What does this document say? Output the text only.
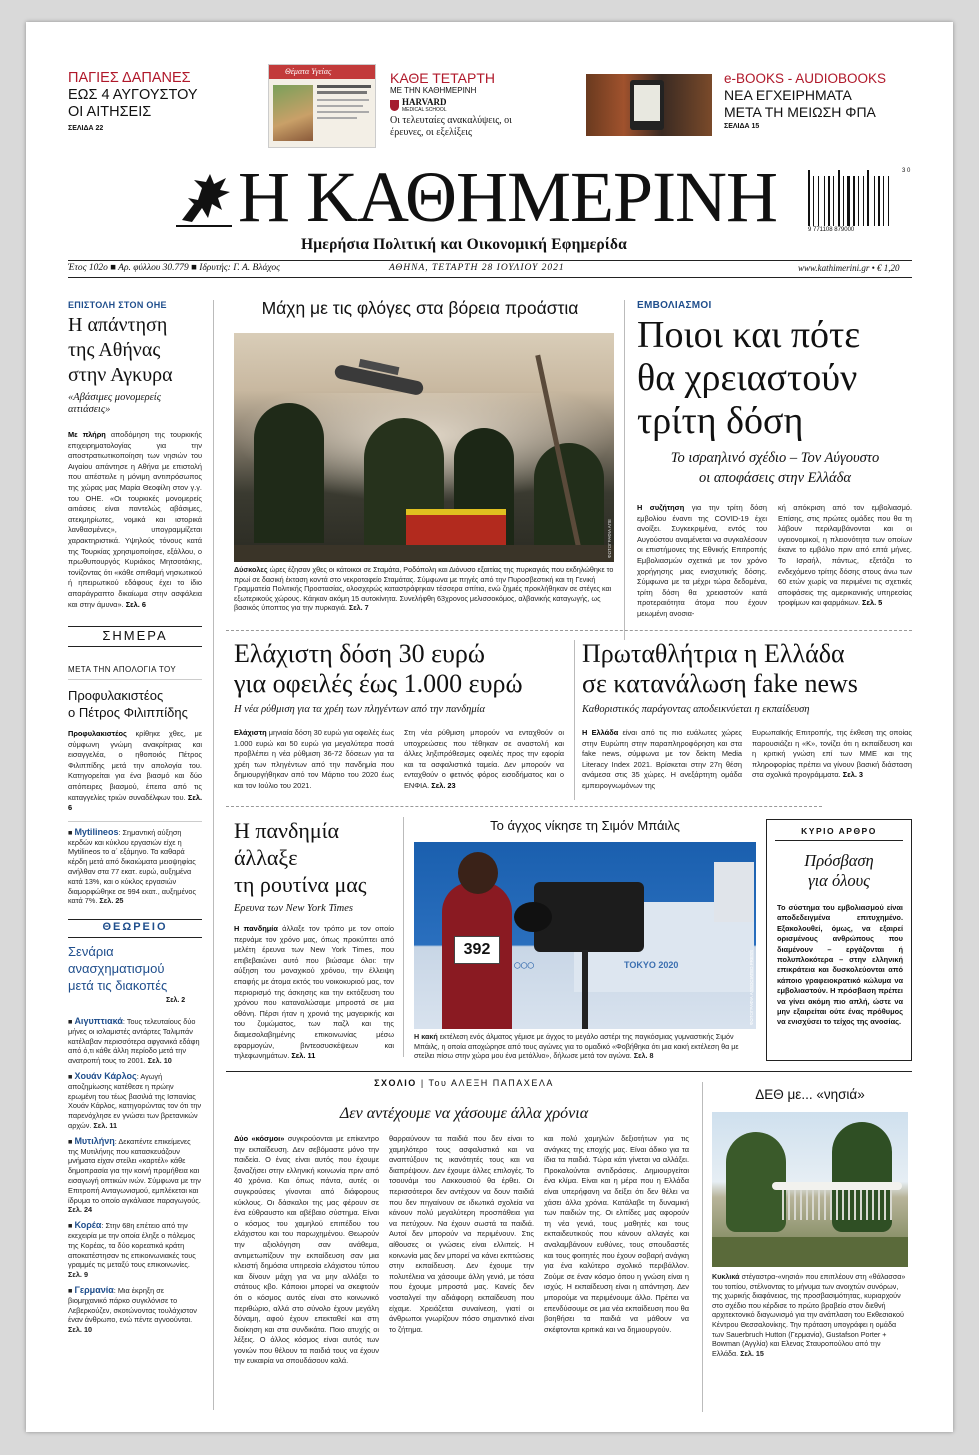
ΠΑΓΙΕΣ ΔΑΠΑΝΕΣ
ΕΩΣ 4 ΑΥΓΟΥΣΤΟΥ
ΟΙ ΑΙΤΗΣΕΙΣ
ΣΕΛΙΔΑ 22
Θέματα Υγείας	ΚΑΘΕ ΤΕΤΑΡΤΗ
ΜΕ ΤΗΝ ΚΑΘΗΜΕΡΙΝΗ
HARVARD
MEDICAL SCHOOL
Οι τελευταίες ανακαλύψεις, οι έρευνες, οι εξελίξεις
e-BOOKS - AUDIOBOOKS
ΝΕΑ ΕΓΧΕΙΡΗΜΑΤΑ
ΜΕΤΑ ΤΗ ΜΕΙΩΣΗ ΦΠΑ
ΣΕΛΙΔΑ 15
Η ΚΑΘΗΜΕΡΙΝΗ
Ημερήσια Πολιτική και Οικονομική Εφημερίδα
9 771108 879000
3 0
Έτος 102ο ■ Αρ. φύλλου 30.779 ■ Ιδρυτής: Γ. Α. Βλάχος	ΑΘΗΝΑ, ΤΕΤΑΡΤΗ 28 ΙΟΥΛΙΟΥ 2021	www.kathimerini.gr • € 1,20
ΕΠΙΣΤΟΛΗ ΣΤΟΝ ΟΗΕ
Η απάντηση
της Αθήνας
στην Αγκυρα
«Αβάσιμες μονομερείς αιτιάσεις»
Με πλήρη αποδόμηση της τουρκικής επιχειρηματολογίας για την αποστρατιωτικοποίηση των νησιών του Αιγαίου απάντησε η Αθήνα με επιστολή που απέστειλε η μόνιμη αντιπρόσωπος της χώρας μας Μαρία Θεοφίλη στον γ.γ. του ΟΗΕ. «Οι τουρκικές μονομερείς αιτιάσεις είναι παντελώς αβάσιμες, ατεκμηρίωτες, νομικά και ιστορικά λανθασμένες», υπογραμμίζεται χαρακτηριστικά. Υψηλούς τόνους κατά της Τουρκίας χρησιμοποίησε, εξάλλου, ο πρωθυπουργός Κυριάκος Μητσοτάκης, τονίζοντας ότι «κάθε σπιθαμή νησιωτικού ή ηπειρωτικού εδάφους έχει το ίδιο απαράγραπτο δικαίωμα στην ασφάλεια και στην άμυνα». Σελ. 6
ΣΗΜΕΡΑ
ΜΕΤΑ ΤΗΝ ΑΠΟΛΟΓΙΑ ΤΟΥ
Προφυλακιστέος
ο Πέτρος Φιλιππίδης
Προφυλακιστέος κρίθηκε χθες, με σύμφωνη γνώμη ανακρίτριας και εισαγγελέα, ο ηθοποιός Πέτρος Φιλιππίδης μετά την απολογία του. Κατηγορείται για ένα βιασμό και δύο απόπειρες βιασμού, έπειτα από τις καταγγελίες τριών συναδέλφων του. Σελ. 6
■ Mytilineos: Σημαντική αύξηση κερδών και κύκλου εργασιών είχε η Mytilineos το α΄ εξάμηνο. Τα καθαρά κέρδη μετά από δικαιώματα μειοψηφίας ανήλθαν στα 77 εκατ. ευρώ, αυξημένα κατά 13%, και ο κύκλος εργασιών διαμορφώθηκε σε 994 εκατ., αυξημένος κατά 7%. Σελ. 25
ΘΕΩΡΕΙΟ
Σενάρια
ανασχηματισμού
μετά τις διακοπές
Σελ. 2
■ Αιγυπτιακά: Τους τελευταίους δύο μήνες οι ισλαμιστές αντάρτες Ταλιμπάν κατέλαβαν περισσότερα αφγανικά εδάφη από ό,τι κάθε άλλη περίοδο μετά την ανατροπή τους το 2001. Σελ. 10
■ Χουάν Κάρλος: Αγωγή αποζημίωσης κατέθεσε η πρώην ερωμένη του τέως βασιλιά της Ισπανίας Χουάν Κάρλος, κατηγορώντας τον ότι την παρενόχλησε εν γνώσει των βρετανικών αρχών. Σελ. 11
■ Μυτιλήνη: Δεκαπέντε επικείμενες της Μυτιλήνης που κατασκευάζουν μνήματα είχαν στείλει «καρτέλ» κάθε δημοπρασία για την κοινή προμήθεια και εισαγωγή οπτικών ινών. Σύμφωνα με την Επιτροπή Ανταγωνισμού, εμπλέκεται και ίδρυμα το οποίο αγκάλιασε παραγωγούς. Σελ. 24
■ Κορέα: Στην 68η επέτειο από την εκεχειρία με την οποία έληξε ο πόλεμος της Κορέας, τα δύο κορεατικά κράτη αποκατέστησαν τις επικοινωνιακές τους γραμμές τις μεταξύ τους επικοινωνίες. Σελ. 9
■ Γερμανία: Μια έκρηξη σε βιομηχανικό πάρκο συγκλόνισε το Λεβερκούζεν, σκοτώνοντας τουλάχιστον έναν άνθρωπο, ενώ πέντε αγνοούνται. Σελ. 10
Μάχη με τις φλόγες στα βόρεια προάστια
ΦΩΤΟΓΡΑΦΙΑ ΑΠΕ
Δύσκολες ώρες έζησαν χθες οι κάτοικοι σε Σταμάτα, Ροδόπολη και Διόνυσο εξαιτίας της πυρκαγιάς που εκδηλώθηκε το πρωί σε δασική έκταση κοντά στο νεκροταφείο Σταμάτας. Σύμφωνα με πηγές από την Πυροσβεστική και τη Γενική Γραμματεία Πολιτικής Προστασίας, ολοσχερώς καταστράφηκαν τέσσερα σπίτια, ενώ ζημιές προκλήθηκαν σε στέγες και εξωτερικούς χώρους. Κάηκαν ακόμη 15 αυτοκίνητα. Συνελήφθη 63χρονος μελισσοκόμος, αλβανικής καταγωγής, ως βασικός ύποπτος για την πυρκαγιά. Σελ. 7
ΕΜΒΟΛΙΑΣΜΟΙ
Ποιοι και πότε
θα χρειαστούν
τρίτη δόση
Το ισραηλινό σχέδιο – Τον Αύγουστο
οι αποφάσεις στην Ελλάδα
Η συζήτηση για την τρίτη δόση εμβολίου έναντι της COVID-19 έχει ανοίξει. Συγκεκριμένα, εντός του Αυγούστου αναμένεται να συγκαλέσουν οι επιστήμονες της Εθνικής Επιτροπής Εμβολιασμών σχετικά με τον χρόνο χορήγησης μιας ενισχυτικής δόσης. Σύμφωνα με τα μέχρι τώρα δεδομένα, τρίτη δόση θα χρειαστούν κατά προτεραιότητα άτομα που έχουν μειωμένη ανοσια-
κή απόκριση από τον εμβολιασμό. Επίσης, στις πρώτες ομάδες που θα τη λάβουν περιλαμβάνονται και οι υγειονομικοί, η πλειονότητα των οποίων έκανε το εμβόλιο πριν από επτά μήνες. Το Ισραήλ, πάντως, εξετάζει το ενδεχόμενο τρίτης δόσης στους άνω των 60 ετών χωρίς να περιμένει τις σχετικές αποφάσεις της αμερικανικής υπηρεσίας τροφίμων και φαρμάκων. Σελ. 5
Ελάχιστη δόση 30 ευρώ
για οφειλές έως 1.000 ευρώ
Η νέα ρύθμιση για τα χρέη των πληγέντων από την πανδημία
Ελάχιστη μηνιαία δόση 30 ευρώ για οφειλές έως 1.000 ευρώ και 50 ευρώ για μεγαλύτερα ποσά προβλέπει η νέα ρύθμιση 36-72 δόσεων για τα χρέη των πληγέντων από την πανδημία που δημιουργήθηκαν από τον Μάρτιο του 2020 έως και τον Ιούλιο του 2021.
Στη νέα ρύθμιση μπορούν να ενταχθούν οι υποχρεώσεις που τέθηκαν σε αναστολή και άλλες ληξιπρόθεσμες οφειλές προς την εφορία και τα ασφαλιστικά ταμεία. Δεν μπορούν να ενταχθούν ο φετινός φόρος εισοδήματος και ο ΕΝΦΙΑ. Σελ. 23
Πρωταθλήτρια η Ελλάδα
σε κατανάλωση fake news
Καθοριστικός παράγοντας αποδεικνύεται η εκπαίδευση
Η Ελλάδα είναι από τις πιο ευάλωτες χώρες στην Ευρώπη στην παραπληροφόρηση και στα fake news, σύμφωνα με τον δείκτη Media Literacy Index 2021. Βρίσκεται στην 27η θέση ανάμεσα στις 35 χώρες. Η ανεξάρτητη ομάδα εμπειρογνωμόνων της
Ευρωπαϊκής Επιτροπής, της έκθεση της οποίας παρουσιάζει η «Κ», τονίζει ότι η εκπαίδευση και η κριτική γνώση επί των ΜΜΕ και της πληροφορίας πρέπει να γίνουν βασική διάσταση στα σχολικά προγράμματα. Σελ. 3
Η πανδημία
άλλαξε
τη ρουτίνα μας
Ερευνα των New York Times
Η πανδημία άλλαξε τον τρόπο με τον οποίο περνάμε τον χρόνο μας, όπως προκύπτει από μελέτη έρευνα των New York Times, που επιβεβαιώνει αυτό που βιώσαμε όλοι: την αύξηση του μοναχικού χρόνου, την έλλειψη επαφής με άτομα εκτός του νοικοκυριού μας, τον περιορισμό της άσκησης και την εκτόξευση του χρόνου που καταναλώσαμε μπροστά σε μια οθόνη. Πέρσι ήταν η χρονιά της μαγειρικής και του ζυμώματος, των παζλ και της διαμεσολαβημένης επικοινωνίας μέσω εφαρμογών, βιντεοσυσκέψεων και τηλεφωνημάτων. Σελ. 11
Το άγχος νίκησε τη Σιμόν Μπάιλς
◯◯◯	TOKYO 2020
392
ΦΩΤΟΓΡΑΦΙΑ ASSOCIATED PRESS
Η κακή εκτέλεση ενός άλματος γέμισε με άγχος το μεγάλο αστέρι της παγκόσμιας γυμναστικής Σιμόν Μπάιλς, η οποία αποχώρησε από τους αγώνες για το ομαδικό «Φοβήθηκα ότι μια κακή εκτέλεση θα με στείλει πίσω στην χώρα μου ένα μετάλλιο», δήλωσε μετά τον αγώνα. Σελ. 8
ΚΥΡΙΟ ΑΡΘΡΟ
Πρόσβαση
για όλους
Το σύστημα του εμβολιασμού είναι αποδεδειγμένα επιτυχημένο. Εξακολουθεί, όμως, να εξαιρεί ορισμένους ανθρώπους που διαμένουν – εργάζονται ή πολυπλοκότερα – στην ελληνική επικράτεια και δυσκολεύονται από κάποιο γραφειοκρατικό κώλυμα να εμβολιαστούν. Η πρόσβαση πρέπει να γίνει ακόμη πιο απλή, ώστε να μην εξαιρείται ούτε ένας πρόθυμος να ενισχύσει το τείχος της ανοσίας.
ΣΧΟΛΙΟ | Του ΑΛΕΞΗ ΠΑΠΑΧΕΛΑ
Δεν αντέχουμε να χάσουμε άλλα χρόνια
Δύο «κόσμοι» συγκρούονται με επίκεντρο την εκπαίδευση. Δεν σεβόμαστε μόνο την παιδεία. Ο ένας είναι αυτός που έχουμε ξαναζήσει στην ελληνική κοινωνία πριν από 40 χρόνια. Και όπως πάντα, αυτές οι συγκρούσεις γίνονται από διάφορους κύκλους. Οι δάσκαλοι της μας φέρουν σε ένα εύθραυστο και αβέβαιο σύστημα. Είναι ο κόσμος του χαμηλού επιπέδου του ελάχιστου και του παρωχημένου. Θεωρούν την αξιολόγηση σαν ανάθεμα, αντιμετωπίζουν την εκπαίδευση σαν μια κλειστή δημόσια υπηρεσία ελάχιστου τύπου και δίνουν μάχη για να μην αλλάξει το στάτους κβο. Κάποιοι μπορεί να σκεφτούν ότι ο κόσμος αυτός είναι στο κοινωνικό περιθώριο, αλλά στο σύνολο έχουν μεγάλη δύναμη, αφού έχουν επεκταθεί και στη διοίκηση και στα συνδικάτα. Ποιο ατυχής οι λέξεις. Ο άλλος κόσμος είναι αυτός των γονιών που θέλουν τα παιδιά τους να έχουν την ευκαιρία να σπουδάσουν καλά.
θαρραύνουν τα παιδιά που δεν είναι το χαμηλότερο τους ασφαλιστικά και να αναπτύξουν τις ικανότητές τους και να διαπρέψουν. Δεν έχουμε άλλες επιλογές. Το τσουνάμι του Λακκουσιού θα έρθει. Οι περισσότεροι δεν αντέχουν να δουν παιδιά που δεν πηγαίνουν σε ιδιωτικά σχολεία να κάνουν πολύ μεγαλύτερη προσπάθεια για να πετύχουν. Να έχουν σωστά τα παιδιά. Αυτοί δεν μπορούν να περιμένουν. Στις αίθουσες οι γνώσεις είναι ελλιπείς. Η κοινωνία μας δεν μπορεί να κάνει εκπτώσεις στην εκπαίδευση. Δεν έχουμε την πολυτέλεια να χάσουμε άλλη γενιά, με τόσα που έχουμε μπροστά μας. Κανείς δεν νοσταλγεί την αδιάφορη εκπαίδευση που είχαμε. Χρειάζεται συναίνεση, γιατί οι άνθρωποι γνωρίζουν πόσο σημαντικό είναι το ζήτημα.
και πολύ χαμηλών δεξιοτήτων για τις ανάγκες της εποχής μας. Είναι άδικο για τα ίδια τα παιδιά. Τώρα κάτι γίνεται να αλλάξει. Προκαλούνται αντιδράσεις. Δημιουργείται ένα κλίμα. Είναι και η μέρα που η Ελλάδα είναι υπερήφανη να δείξει ότι δεν θέλει να χάσει άλλα χρόνια. Κατάλαβε τη δυναμική των παιδιών της. Οι ελπίδες μας αφορούν τη νέα γενιά, τους μαθητές και τους εκπαιδευτικούς που κάνουν αλλαγές και αναλαμβάνουν ευθύνες, τους σπουδαστές και τους φοιτητές που έχουν σοβαρή ανάγκη για ένα καλύτερο σχολικό περιβάλλον. Ζούμε σε έναν κόσμο όπου η γνώση είναι η ισχύς. Η εκπαίδευση είναι η απάντηση. Δεν μπορούμε να περιμένουμε άλλο. Πρέπει να επενδύσουμε σε μια νέα εκπαίδευση που θα βοηθήσει τα παιδιά να μάθουν να σκέφτονται κριτικά και να δημιουργούν.
ΔΕΘ με... «νησιά»
Κυκλικά στέγαστρα-«νησιά» που επιπλέουν στη «θάλασσα» του τοπίου, στέλνοντας το μήνυμα των ανοιχτών συνόρων, της χωρικής διαφάνειας, της προσβασιμότητας, κυριαρχούν στο σχέδιο που κέρδισε το πρώτο βραβείο στον διεθνή αρχιτεκτονικό διαγωνισμό για την ανάπλαση του Εκθεσιακού Κέντρου Θεσσαλονίκης. Την πρόταση υπογράφει η ομάδα των Sauerbruch Hutton (Γερμανία), Gustafson Porter + Bowman (Αγγλία) και Ελενας Σταυροπούλου από την Ελλάδα. Σελ. 15
